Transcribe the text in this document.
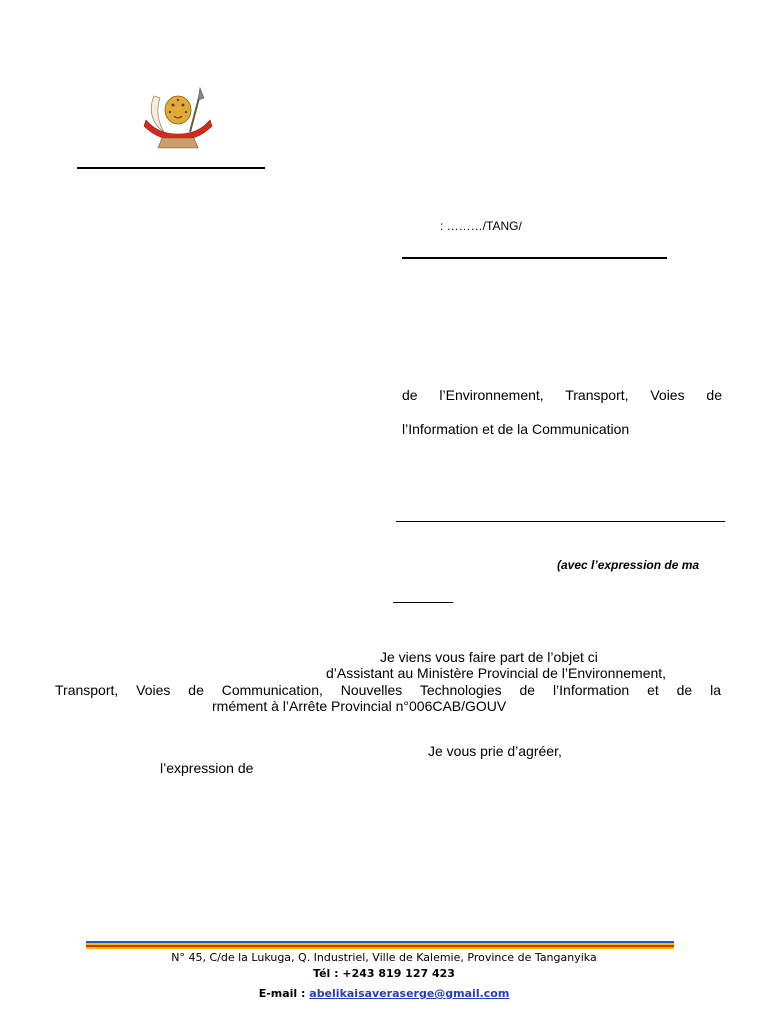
PAIX
: ………/TANG/
de l’Environnement, Transport, Voies de
l’Information et de la Communication
(avec l’expression de ma
Je viens vous faire part de l’objet ci
d’Assistant au Ministère Provincial de l’Environnement,
Transport, Voies de Communication, Nouvelles Technologies de l’Information et de la
rmément à l’Arrête Provincial n°006CAB/GOUV
Je vous prie d’agréer,
l’expression de
N° 45, C/de la Lukuga, Q. Industriel, Ville de Kalemie, Province de Tanganyika
Tél : +243 819 127 423
E-mail : abelikaisaveraserge@gmail.com
